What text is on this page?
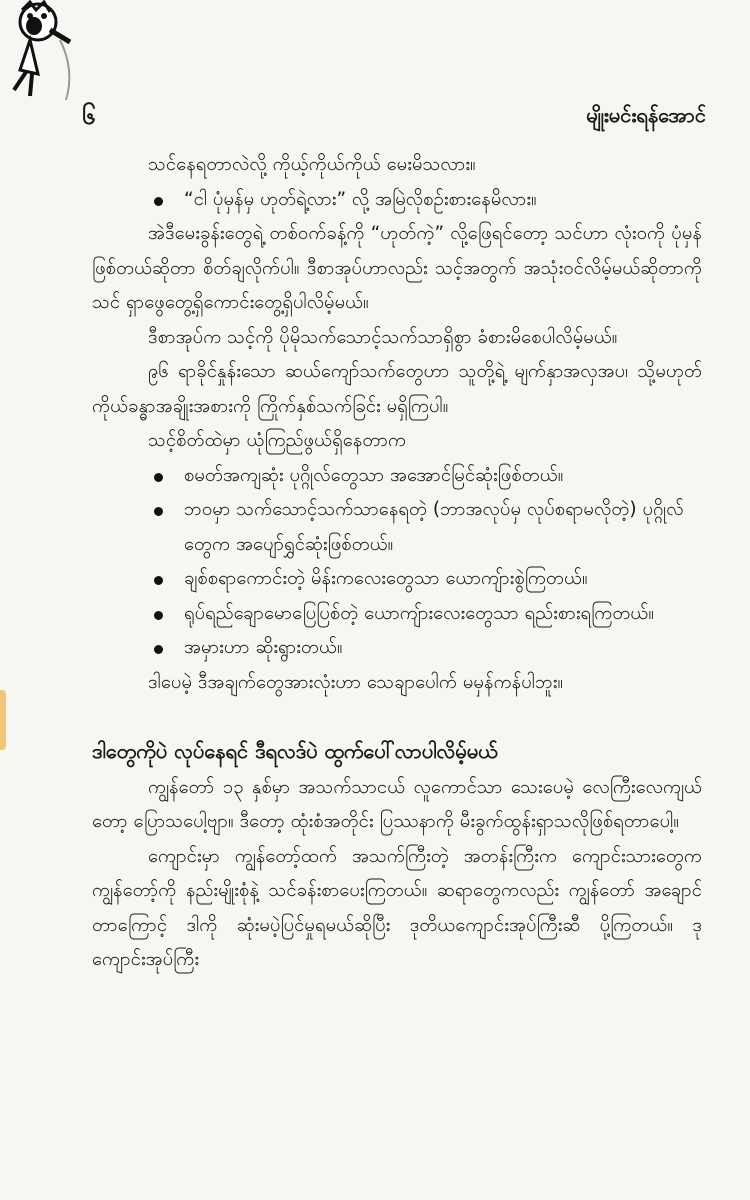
၆	မျိုးမင်းရန်အောင်

သင်နေရတာလဲလို့ ကိုယ့်ကိုယ်ကိုယ် မေးမိသလား။

“ငါ ပုံမှန်မှ ဟုတ်ရဲ့လား” လို့ အမြဲလိုစဉ်းစားနေမိလား။

အဲဒီမေးခွန်းတွေရဲ့ တစ်ဝက်ခန့်ကို “ဟုတ်ကဲ့” လို့ဖြေရင်တော့ သင်ဟာ လုံးဝကို ပုံမှန်ဖြစ်တယ်ဆိုတာ စိတ်ချလိုက်ပါ။ ဒီစာအုပ်ဟာလည်း သင့်အတွက် အသုံးဝင်လိမ့်မယ်ဆိုတာကို သင် ရှာဖွေတွေ့ရှိကောင်းတွေ့ရှိပါလိမ့်မယ်။

ဒီစာအုပ်က သင့်ကို ပိုမိုသက်သောင့်သက်သာရှိစွာ ခံစားမိစေပါလိမ့်မယ်။

၉၆ ရာခိုင်နှုန်းသော ဆယ်ကျော်သက်တွေဟာ သူတို့ရဲ့ မျက်နှာအလှအပ၊ သို့မဟုတ် ကိုယ်ခန္ဓာအချိုးအစားကို ကြိုက်နှစ်သက်ခြင်း မရှိကြပါ။

သင့်စိတ်ထဲမှာ ယုံကြည်ဖွယ်ရှိနေတာက

စမတ်အကျဆုံး ပုဂ္ဂိုလ်တွေသာ အအောင်မြင်ဆုံးဖြစ်တယ်။
ဘဝမှာ သက်သောင့်သက်သာနေရတဲ့ (ဘာအလုပ်မှ လုပ်စရာမလိုတဲ့) ပုဂ္ဂိုလ်တွေက အပျော်ရွှင်ဆုံးဖြစ်တယ်။
ချစ်စရာကောင်းတဲ့ မိန်းကလေးတွေသာ ယောကျ်ားစွဲကြတယ်။
ရုပ်ရည်ချောမောပြေပြစ်တဲ့ ယောကျ်ားလေးတွေသာ ရည်းစားရကြတယ်။
အမှားဟာ ဆိုးရွားတယ်။

ဒါပေမဲ့ ဒီအချက်တွေအားလုံးဟာ သေချာပေါက် မမှန်ကန်ပါဘူး။

ဒါတွေကိုပဲ လုပ်နေရင် ဒီရလဒ်ပဲ ထွက်ပေါ်လာပါလိမ့်မယ်

ကျွန်တော် ၁၃ နှစ်မှာ အသက်သာငယ် လူကောင်သာ သေးပေမဲ့ လေကြီးလေကျယ်တော့ ပြောသပေါ့ဗျာ။ ဒီတော့ ထုံးစံအတိုင်း ပြဿနာကို မီးခွက်ထွန်းရှာသလိုဖြစ်ရတာပေါ့။

ကျောင်းမှာ ကျွန်တော့်ထက် အသက်ကြီးတဲ့ အတန်းကြီးက ကျောင်းသားတွေက ကျွန်တော့်ကို နည်းမျိုးစုံနဲ့ သင်ခန်းစာပေးကြတယ်။ ဆရာတွေကလည်း ကျွန်တော် အချောင်တာကြောင့် ဒါကို ဆုံးမပဲ့ပြင်မှုရမယ်ဆိုပြီး ဒုတိယကျောင်းအုပ်ကြီးဆီ ပို့ကြတယ်။ ဒုကျောင်းအုပ်ကြီး
